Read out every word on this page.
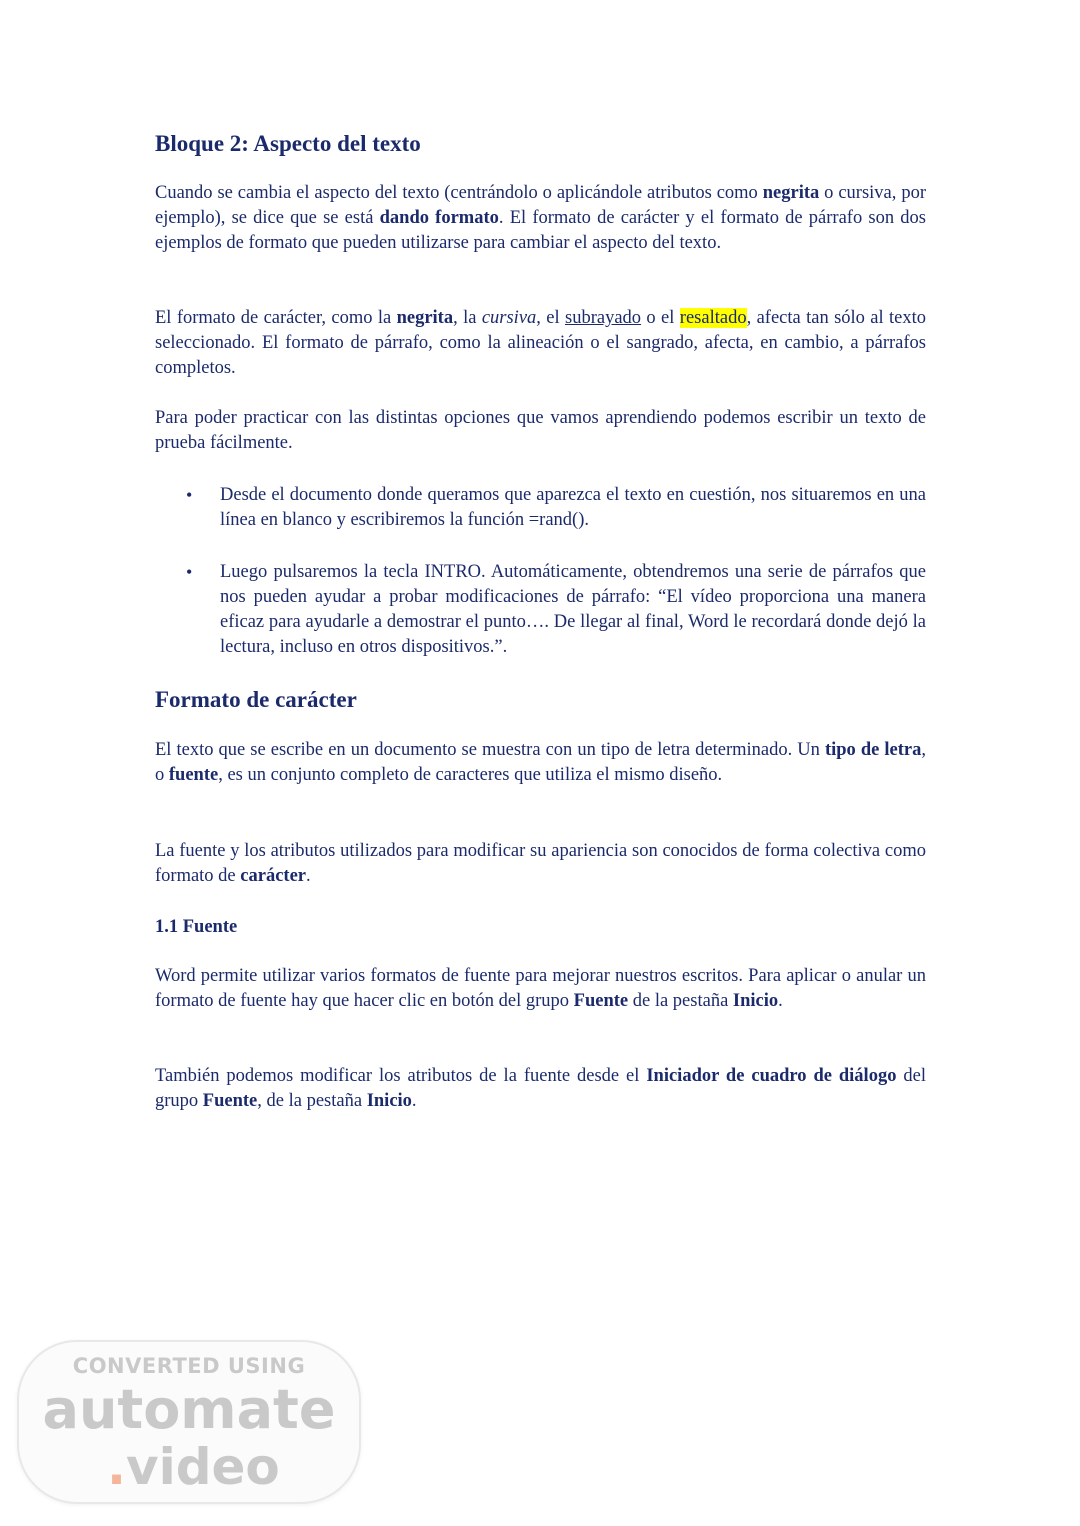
Bloque 2: Aspecto del texto

Cuando se cambia el aspecto del texto (centrándolo o aplicándole atributos como negrita o cursiva, por ejemplo), se dice que se está dando formato. El formato de carácter y el formato de párrafo son dos ejemplos de formato que pueden utilizarse para cambiar el aspecto del texto.

El formato de carácter, como la negrita, la cursiva, el subrayado o el resaltado, afecta tan sólo al texto seleccionado. El formato de párrafo, como la alineación o el sangrado, afecta, en cambio, a párrafos completos.

Para poder practicar con las distintas opciones que vamos aprendiendo podemos escribir un texto de prueba fácilmente.

• Desde el documento donde queramos que aparezca el texto en cuestión, nos situaremos en una línea en blanco y escribiremos la función =rand().
• Luego pulsaremos la tecla INTRO. Automáticamente, obtendremos una serie de párrafos que nos pueden ayudar a probar modificaciones de párrafo: “El vídeo proporciona una manera eficaz para ayudarle a demostrar el punto…. De llegar al final, Word le recordará donde dejó la lectura, incluso en otros dispositivos.”.
Formato de carácter

El texto que se escribe en un documento se muestra con un tipo de letra determinado. Un tipo de letra, o fuente, es un conjunto completo de caracteres que utiliza el mismo diseño.

La fuente y los atributos utilizados para modificar su apariencia son conocidos de forma colectiva como formato de carácter.

1.1 Fuente

Word permite utilizar varios formatos de fuente para mejorar nuestros escritos. Para aplicar o anular un formato de fuente hay que hacer clic en botón del grupo Fuente de la pestaña Inicio.

También podemos modificar los atributos de la fuente desde el Iniciador de cuadro de diálogo del grupo Fuente, de la pestaña Inicio.

CONVERTED USING
automate
.video
